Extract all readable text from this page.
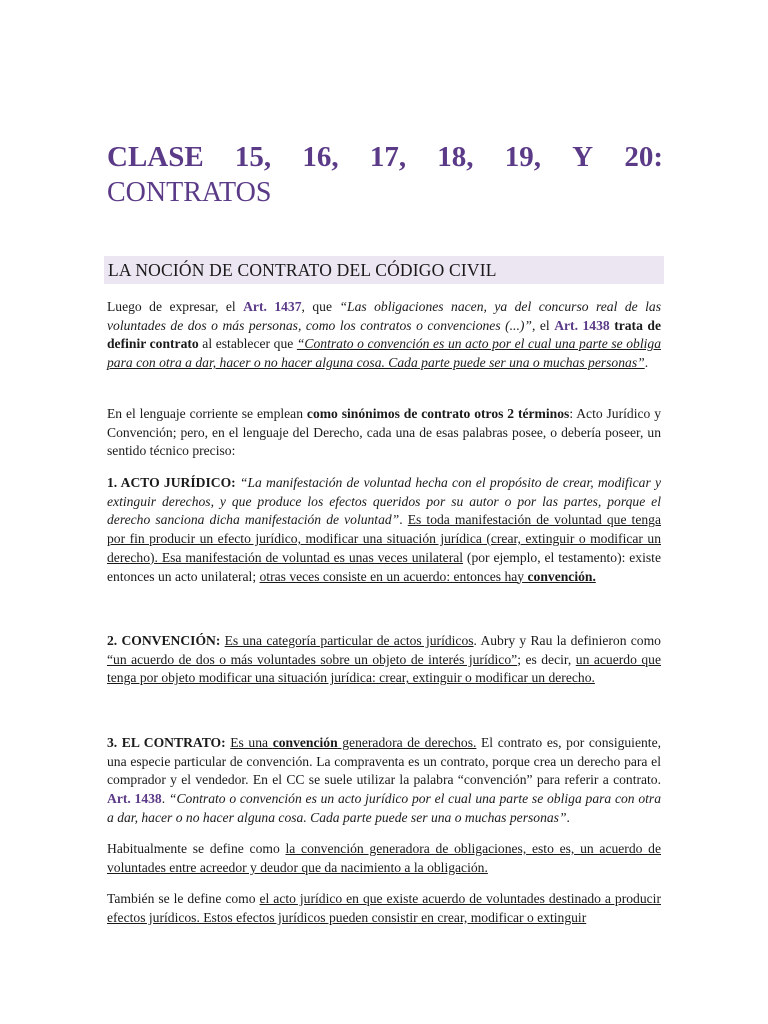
CLASE 15, 16, 17, 18, 19, Y 20:
CONTRATOS
LA NOCIÓN DE CONTRATO DEL CÓDIGO CIVIL

Luego de expresar, el Art. 1437, que “Las obligaciones nacen, ya del concurso real de las voluntades de dos o más personas, como los contratos o convenciones (...)”, el Art. 1438 trata de definir contrato al establecer que “Contrato o convención es un acto por el cual una parte se obliga para con otra a dar, hacer o no hacer alguna cosa. Cada parte puede ser una o muchas personas”.

En el lenguaje corriente se emplean como sinónimos de contrato otros 2 términos: Acto Jurídico y Convención; pero, en el lenguaje del Derecho, cada una de esas palabras posee, o debería poseer, un sentido técnico preciso:

1. ACTO JURÍDICO: “La manifestación de voluntad hecha con el propósito de crear, modificar y extinguir derechos, y que produce los efectos queridos por su autor o por las partes, porque el derecho sanciona dicha manifestación de voluntad”. Es toda manifestación de voluntad que tenga por fin producir un efecto jurídico, modificar una situación jurídica (crear, extinguir o modificar un derecho). Esa manifestación de voluntad es unas veces unilateral (por ejemplo, el testamento): existe entonces un acto unilateral; otras veces consiste en un acuerdo: entonces hay convención.

2. CONVENCIÓN: Es una categoría particular de actos jurídicos. Aubry y Rau la definieron como “un acuerdo de dos o más voluntades sobre un objeto de interés jurídico”; es decir, un acuerdo que tenga por objeto modificar una situación jurídica: crear, extinguir o modificar un derecho.

3. EL CONTRATO: Es una convención generadora de derechos. El contrato es, por consiguiente, una especie particular de convención. La compraventa es un contrato, porque crea un derecho para el comprador y el vendedor. En el CC se suele utilizar la palabra “convención” para referir a contrato. Art. 1438. “Contrato o convención es un acto jurídico por el cual una parte se obliga para con otra a dar, hacer o no hacer alguna cosa. Cada parte puede ser una o muchas personas”.

Habitualmente se define como la convención generadora de obligaciones, esto es, un acuerdo de voluntades entre acreedor y deudor que da nacimiento a la obligación.

También se le define como el acto jurídico en que existe acuerdo de voluntades destinado a producir efectos jurídicos. Estos efectos jurídicos pueden consistir en crear, modificar o extinguir
